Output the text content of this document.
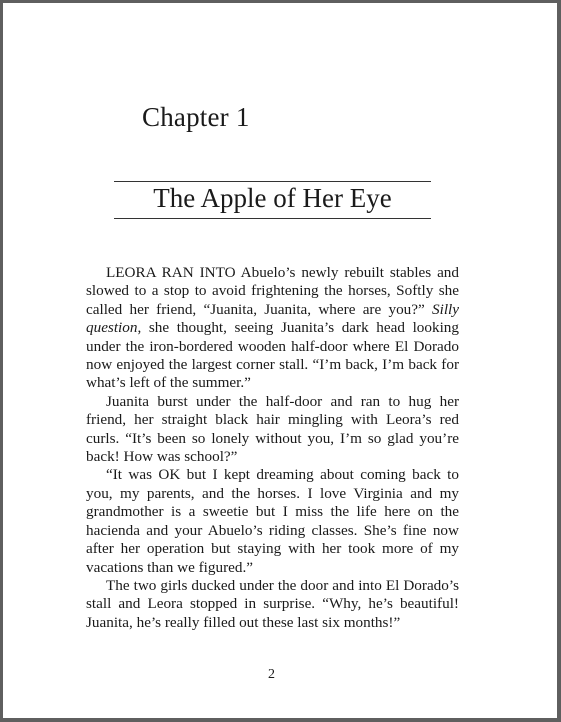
Chapter 1
The Apple of Her Eye

LEORA RAN INTO Abuelo’s newly rebuilt stables and slowed to a stop to avoid frightening the horses, Softly she called her friend, “Juanita, Juanita, where are you?” Silly question, she thought, seeing Juanita’s dark head looking under the iron-bordered wooden half-door where El Dorado now enjoyed the largest corner stall. “I’m back, I’m back for what’s left of the summer.”

Juanita burst under the half-door and ran to hug her friend, her straight black hair mingling with Leora’s red curls. “It’s been so lonely without you, I’m so glad you’re back! How was school?”

“It was OK but I kept dreaming about coming back to you, my parents, and the horses. I love Virginia and my grandmother is a sweetie but I miss the life here on the hacienda and your Abuelo’s riding classes. She’s fine now after her operation but staying with her took more of my vacations than we figured.”

The two girls ducked under the door and into El Dorado’s stall and Leora stopped in surprise. “Why, he’s beautiful! Juanita, he’s really filled out these last six months!”

2
